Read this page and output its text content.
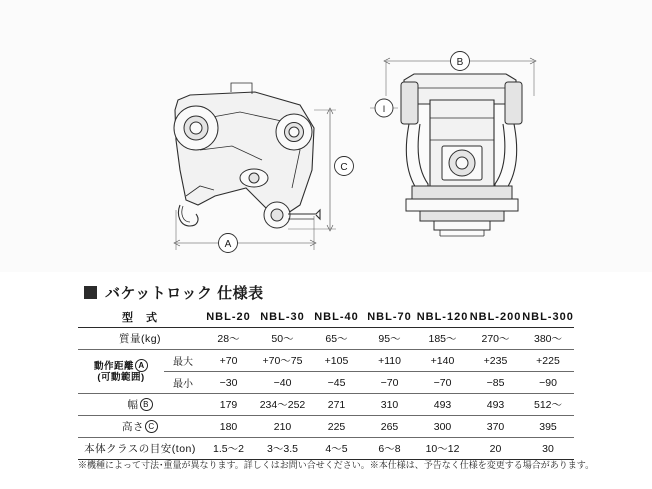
C
A
I
B
バケットロック 仕様表
型　式		NBL-20	NBL-30	NBL-40	NBL-70	NBL-120	NBL-200	NBL-300
質量(kg)		28〜	50〜	65〜	95〜	185〜	270〜	380〜

動作距離 A
(可動範囲)	最大	+70	+70〜75	+105	+110	+140	+235	+225
	最小	−30	−40	−45	−70	−70	−85	−90
幅 B		179	234〜252	271	310	493	493	512〜
高さ C		180	210	225	265	300	370	395
本体クラスの目安(ton)		1.5〜2	3〜3.5	4〜5	6〜8	10〜12	20	30
※機種によって寸法･重量が異なります。詳しくはお問い合せください。※本仕様は、予告なく仕様を変更する場合があります。
